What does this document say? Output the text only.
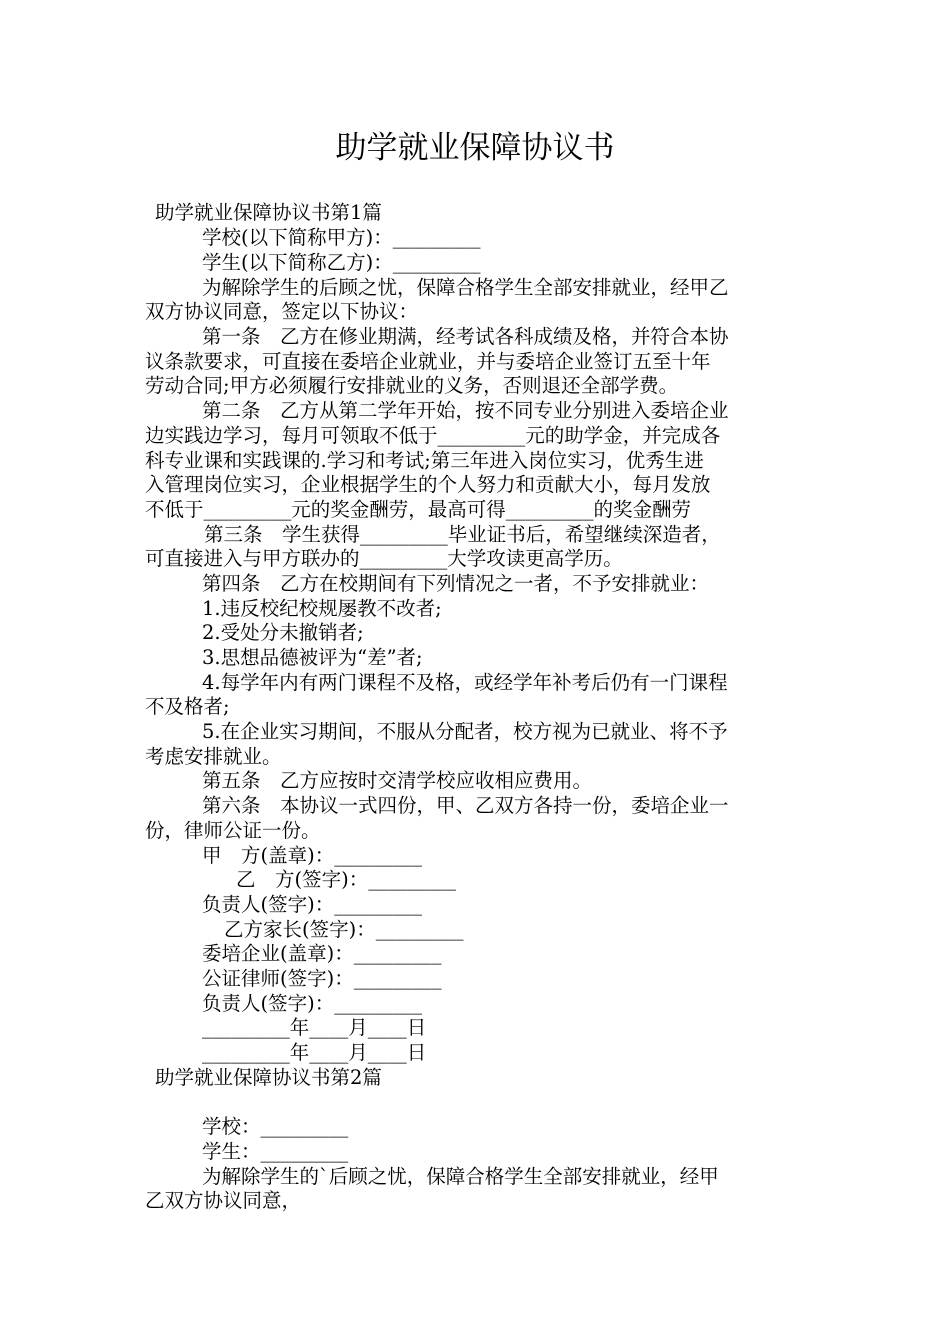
助学就业保障协议书
助学就业保障协议书第1篇
学校(以下简称甲方)：_________
学生(以下简称乙方)：_________
为解除学生的后顾之忧，保障合格学生全部安排就业，经甲乙
双方协议同意，签定以下协议：
第一条　乙方在修业期满，经考试各科成绩及格，并符合本协
议条款要求，可直接在委培企业就业，并与委培企业签订五至十年
劳动合同;甲方必须履行安排就业的义务，否则退还全部学费。
第二条　乙方从第二学年开始，按不同专业分别进入委培企业
边实践边学习，每月可领取不低于_________元的助学金，并完成各
科专业课和实践课的.学习和考试;第三年进入岗位实习，优秀生进
入管理岗位实习，企业根据学生的个人努力和贡献大小，每月发放
不低于_________元的奖金酬劳，最高可得_________的奖金酬劳
第三条　学生获得_________毕业证书后，希望继续深造者，
可直接进入与甲方联办的_________大学攻读更高学历。
第四条　乙方在校期间有下列情况之一者，不予安排就业：
1.违反校纪校规屡教不改者;
2.受处分未撤销者;
3.思想品德被评为“差”者;
4.每学年内有两门课程不及格，或经学年补考后仍有一门课程
不及格者;
5.在企业实习期间，不服从分配者，校方视为已就业、将不予
考虑安排就业。
第五条　乙方应按时交清学校应收相应费用。
第六条　本协议一式四份，甲、乙双方各持一份，委培企业一
份，律师公证一份。
甲　方(盖章)：_________
乙　方(签字)：_________
负责人(签字)：_________
乙方家长(签字)：_________
委培企业(盖章)：_________
公证律师(签字)：_________
负责人(签字)：_________
_________年____月____日
_________年____月____日
助学就业保障协议书第2篇
学校：_________
学生：_________
为解除学生的`后顾之忧，保障合格学生全部安排就业，经甲
乙双方协议同意，
